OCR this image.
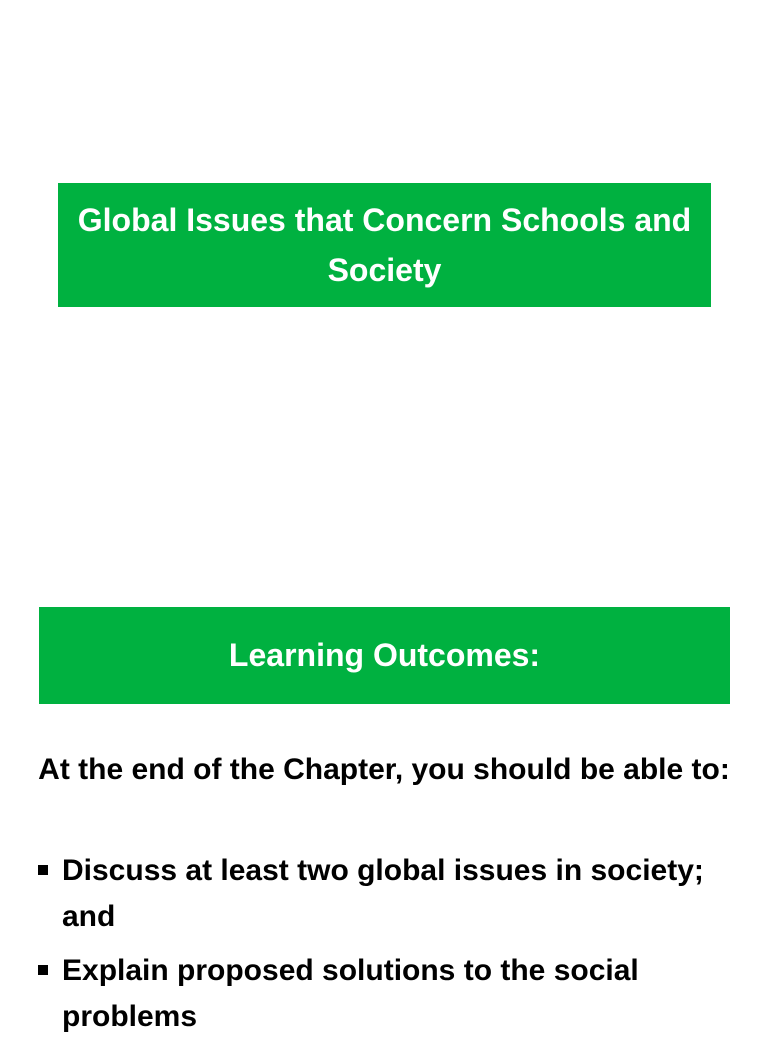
Global Issues that Concern Schools and Society
Learning Outcomes:
At the end of the Chapter, you should be able to:
Discuss at least two global issues in society; and
Explain proposed solutions to the social problems
